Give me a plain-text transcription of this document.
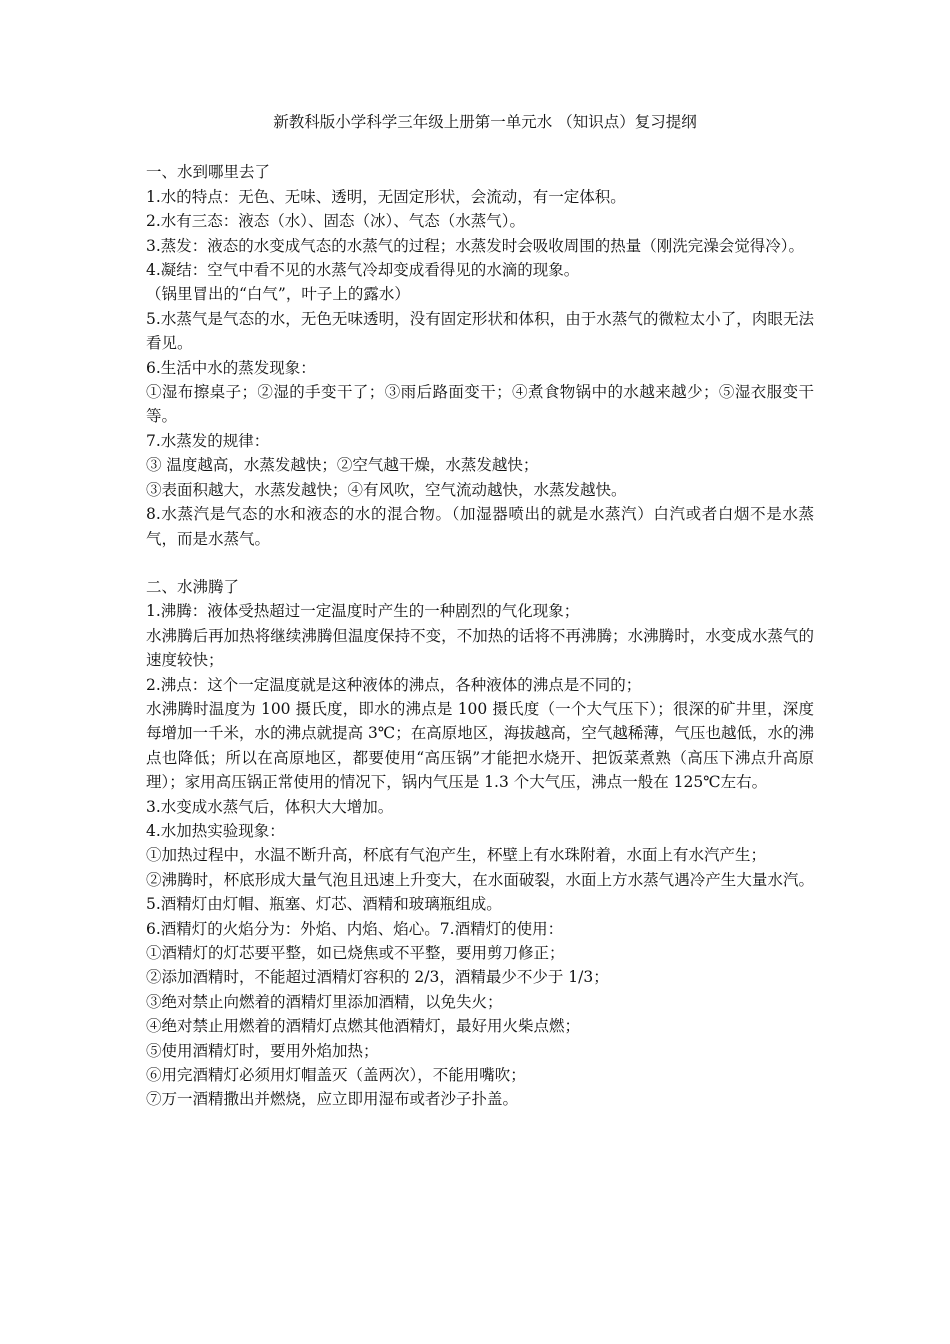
新教科版小学科学三年级上册第一单元水 （知识点）复习提纲

一、水到哪里去了

1.水的特点：无色、无味、透明，无固定形状，会流动，有一定体积。

2.水有三态：液态（水）、固态（冰）、气态（水蒸气）。

3.蒸发：液态的水变成气态的水蒸气的过程；水蒸发时会吸收周围的热量（刚洗完澡会觉得冷）。

4.凝结：空气中看不见的水蒸气冷却变成看得见的水滴的现象。

（锅里冒出的“白气”，叶子上的露水）

5.水蒸气是气态的水，无色无味透明，没有固定形状和体积，由于水蒸气的微粒太小了，肉眼无法看见。

6.生活中水的蒸发现象：

①湿布擦桌子；②湿的手变干了；③雨后路面变干；④煮食物锅中的水越来越少；⑤湿衣服变干等。

7.水蒸发的规律：

③ 温度越高，水蒸发越快；②空气越干燥，水蒸发越快；

③表面积越大，水蒸发越快；④有风吹，空气流动越快，水蒸发越快。

8.水蒸汽是气态的水和液态的水的混合物。（加湿器喷出的就是水蒸汽）白汽或者白烟不是水蒸气，而是水蒸气。

二、水沸腾了

1.沸腾：液体受热超过一定温度时产生的一种剧烈的气化现象；

水沸腾后再加热将继续沸腾但温度保持不变，不加热的话将不再沸腾；水沸腾时，水变成水蒸气的速度较快；

2.沸点：这个一定温度就是这种液体的沸点，各种液体的沸点是不同的；

水沸腾时温度为 100 摄氏度，即水的沸点是 100 摄氏度（一个大气压下）；很深的矿井里，深度每增加一千米，水的沸点就提高 3℃；在高原地区，海拔越高，空气越稀薄，气压也越低，水的沸点也降低；所以在高原地区，都要使用“高压锅”才能把水烧开、把饭菜煮熟（高压下沸点升高原理）；家用高压锅正常使用的情况下，锅内气压是 1.3 个大气压，沸点一般在 125℃左右。

3.水变成水蒸气后，体积大大增加。

4.水加热实验现象：

①加热过程中，水温不断升高，杯底有气泡产生，杯壁上有水珠附着，水面上有水汽产生；

②沸腾时，杯底形成大量气泡且迅速上升变大，在水面破裂，水面上方水蒸气遇冷产生大量水汽。5.酒精灯由灯帽、瓶塞、灯芯、酒精和玻璃瓶组成。

6.酒精灯的火焰分为：外焰、内焰、焰心。7.酒精灯的使用：

①酒精灯的灯芯要平整，如已烧焦或不平整，要用剪刀修正；

②添加酒精时，不能超过酒精灯容积的 2/3，酒精最少不少于 1/3；

③绝对禁止向燃着的酒精灯里添加酒精，以免失火；

④绝对禁止用燃着的酒精灯点燃其他酒精灯，最好用火柴点燃；

⑤使用酒精灯时，要用外焰加热；

⑥用完酒精灯必须用灯帽盖灭（盖两次），不能用嘴吹；

⑦万一酒精撒出并燃烧，应立即用湿布或者沙子扑盖。
